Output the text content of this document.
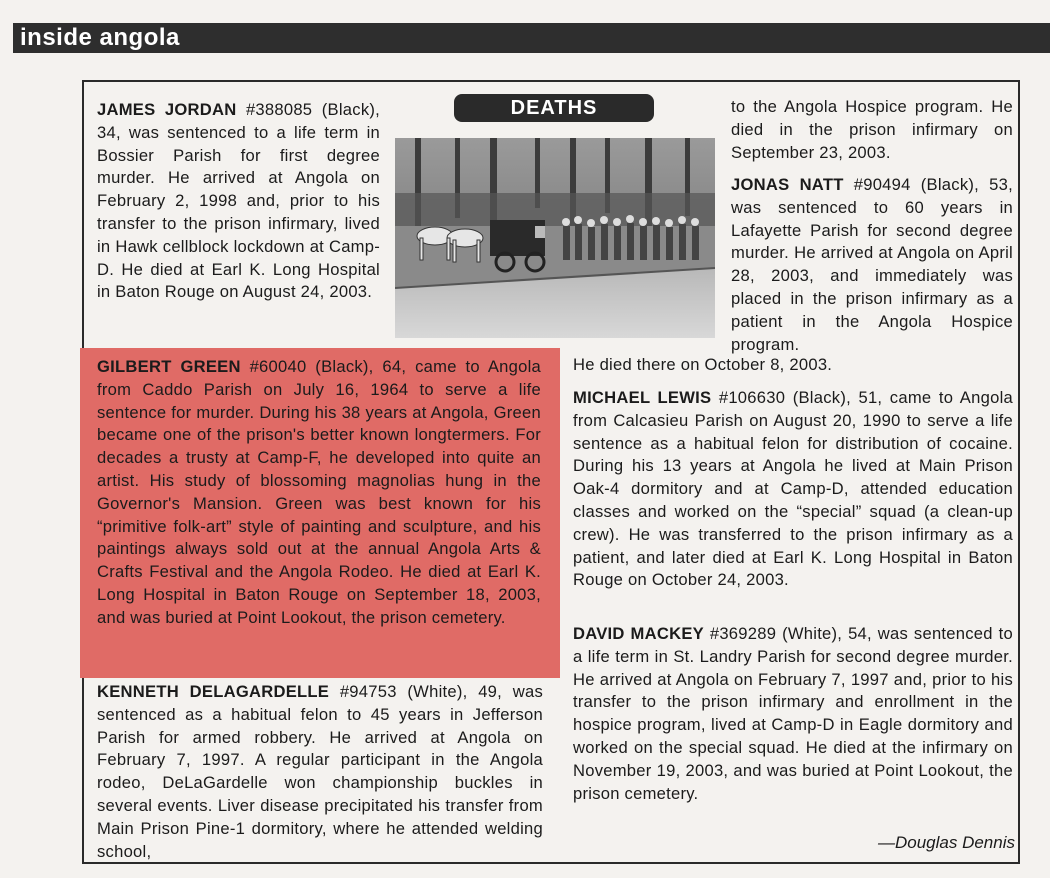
inside angola
DEATHS

JAMES JORDAN #388085 (Black), 34, was sentenced to a life term in Bossier Parish for first degree murder. He arrived at Angola on February 2, 1998 and, prior to his transfer to the prison infirmary, lived in Hawk cellblock lockdown at Camp-D. He died at Earl K. Long Hospital in Baton Rouge on August 24, 2003.

GILBERT GREEN #60040 (Black), 64, came to Angola from Caddo Parish on July 16, 1964 to serve a life sentence for murder. During his 38 years at Angola, Green became one of the prison's better known longtermers. For decades a trusty at Camp-F, he developed into quite an artist. His study of blossoming magnolias hung in the Governor's Mansion. Green was best known for his “primitive folk-art” style of painting and sculpture, and his paintings always sold out at the annual Angola Arts & Crafts Festival and the Angola Rodeo. He died at Earl K. Long Hospital in Baton Rouge on September 18, 2003, and was buried at Point Lookout, the prison cemetery.

KENNETH DELAGARDELLE #94753 (White), 49, was sentenced as a habitual felon to 45 years in Jefferson Parish for armed robbery. He arrived at Angola on February 7, 1997. A regular participant in the Angola rodeo, DeLaGardelle won championship buckles in several events. Liver disease precipitated his transfer from Main Prison Pine-1 dormitory, where he attended welding school,

to the Angola Hospice program. He died in the prison infirmary on September 23, 2003.

JONAS NATT #90494 (Black), 53, was sentenced to 60 years in Lafayette Parish for second degree murder. He arrived at Angola on April 28, 2003, and immediately was placed in the prison infirmary as a patient in the Angola Hospice program.

He died there on October 8, 2003.

MICHAEL LEWIS #106630 (Black), 51, came to Angola from Calcasieu Parish on August 20, 1990 to serve a life sentence as a habitual felon for distribution of cocaine. During his 13 years at Angola he lived at Main Prison Oak-4 dormitory and at Camp-D, attended education classes and worked on the “special” squad (a clean-up crew). He was transferred to the prison infirmary as a patient, and later died at Earl K. Long Hospital in Baton Rouge on October 24, 2003.

DAVID MACKEY #369289 (White), 54, was sentenced to a life term in St. Landry Parish for second degree murder. He arrived at Angola on February 7, 1997 and, prior to his transfer to the prison infirmary and enrollment in the hospice program, lived at Camp-D in Eagle dormitory and worked on the special squad. He died at the infirmary on November 19, 2003, and was buried at Point Lookout, the prison cemetery.

—Douglas Dennis
